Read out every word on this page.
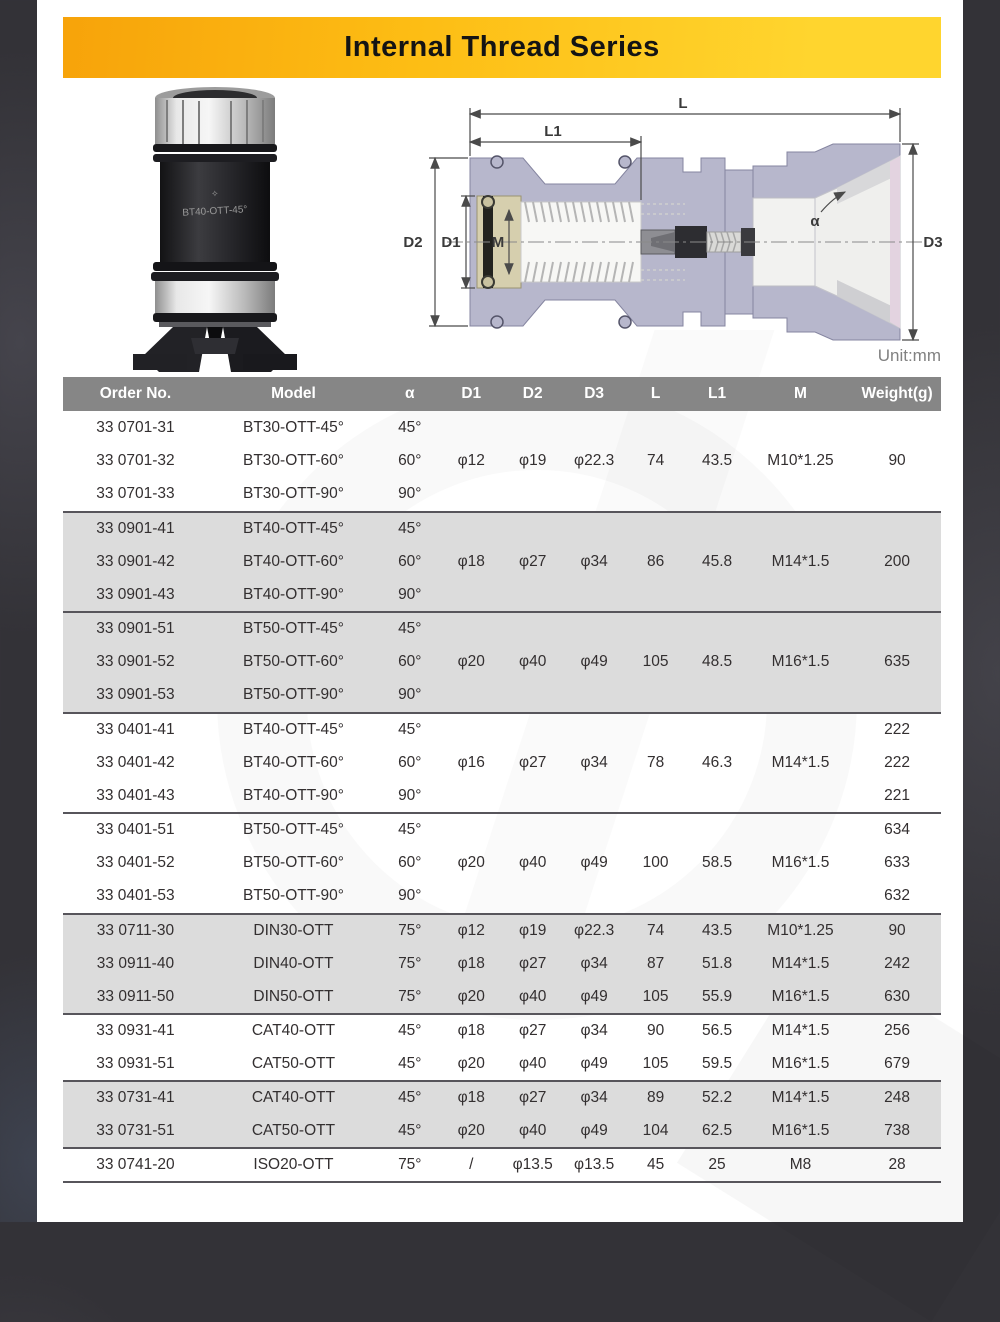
Internal Thread Series
⟡
BT40-OTT-45°
L
L1
D2 D1 M
α
D3
Unit:mm
Order No.	Model	α	D1	D2	D3	L	L1	M	Weight(g)
33 0701-31	BT30-OTT-45°	45°	φ12	φ19	φ22.3	74	43.5	M10*1.25	90
33 0701-32	BT30-OTT-60°	60°							
33 0701-33	BT30-OTT-90°	90°							
33 0901-41	BT40-OTT-45°	45°	φ18	φ27	φ34	86	45.8	M14*1.5	200
33 0901-42	BT40-OTT-60°	60°							
33 0901-43	BT40-OTT-90°	90°							
33 0901-51	BT50-OTT-45°	45°	φ20	φ40	φ49	105	48.5	M16*1.5	635
33 0901-52	BT50-OTT-60°	60°							
33 0901-53	BT50-OTT-90°	90°							
33 0401-41	BT40-OTT-45°	45°	φ16	φ27	φ34	78	46.3	M14*1.5	222
33 0401-42	BT40-OTT-60°	60°							222
33 0401-43	BT40-OTT-90°	90°							221
33 0401-51	BT50-OTT-45°	45°	φ20	φ40	φ49	100	58.5	M16*1.5	634
33 0401-52	BT50-OTT-60°	60°							633
33 0401-53	BT50-OTT-90°	90°							632
33 0711-30	DIN30-OTT	75°	φ12	φ19	φ22.3	74	43.5	M10*1.25	90
33 0911-40	DIN40-OTT	75°	φ18	φ27	φ34	87	51.8	M14*1.5	242
33 0911-50	DIN50-OTT	75°	φ20	φ40	φ49	105	55.9	M16*1.5	630
33 0931-41	CAT40-OTT	45°	φ18	φ27	φ34	90	56.5	M14*1.5	256
33 0931-51	CAT50-OTT	45°	φ20	φ40	φ49	105	59.5	M16*1.5	679
33 0731-41	CAT40-OTT	45°	φ18	φ27	φ34	89	52.2	M14*1.5	248
33 0731-51	CAT50-OTT	45°	φ20	φ40	φ49	104	62.5	M16*1.5	738
33 0741-20	ISO20-OTT	75°	/	φ13.5	φ13.5	45	25	M8	28
